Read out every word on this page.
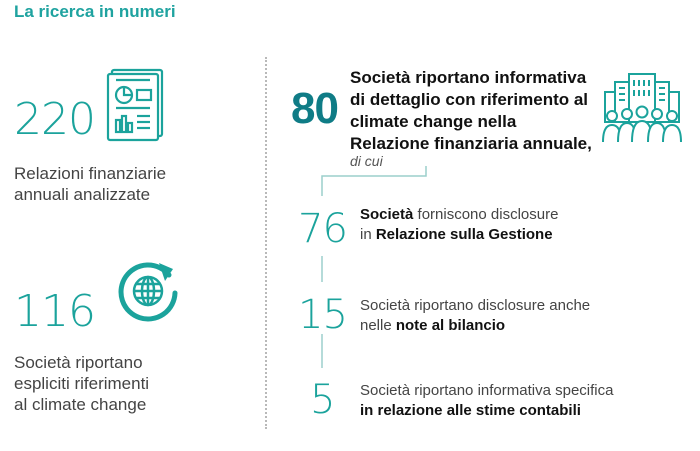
La ricerca in numeri
220
Relazioni finanziarie
annuali analizzate
116
Società riportano
espliciti riferimenti
al climate change
80
Società riportano informativa
di dettaglio con riferimento al
climate change nella
Relazione finanziaria annuale,
di cui
76 Società forniscono disclosure
in Relazione sulla Gestione
15 Società riportano disclosure anche
nelle note al bilancio
5 Società riportano informativa specifica
in relazione alle stime contabili
